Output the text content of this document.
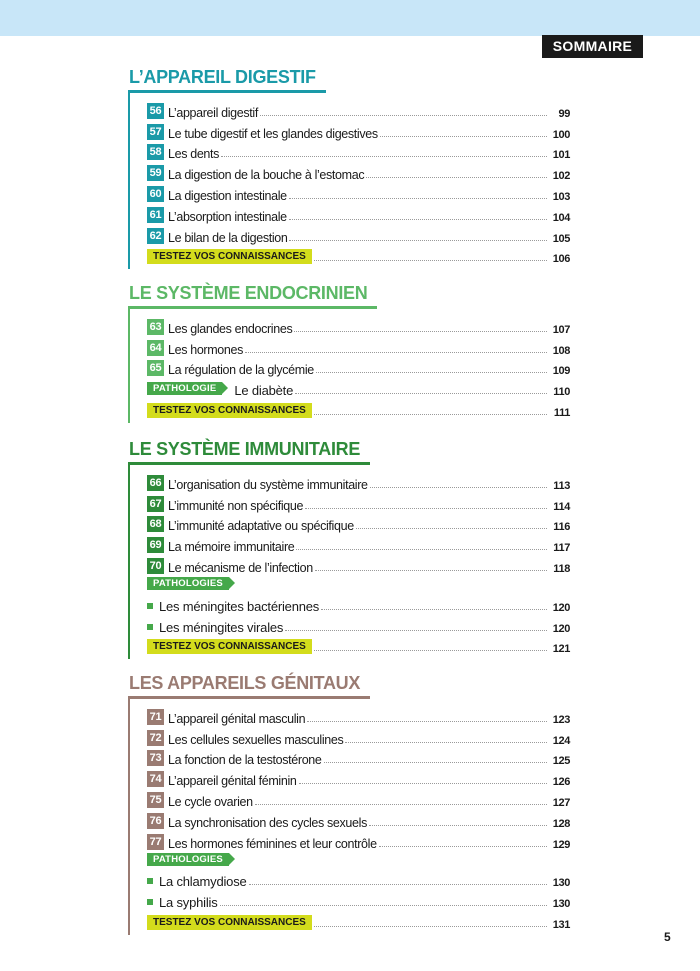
SOMMAIRE
L’APPAREIL DIGESTIF
56 L’appareil digestif	99
57 Le tube digestif et les glandes digestives	100
58 Les dents	101
59 La digestion de la bouche à l’estomac	102
60 La digestion intestinale	103
61 L’absorption intestinale	104
62 Le bilan de la digestion	105
TESTEZ VOS CONNAISSANCES	106
LE SYSTÈME ENDOCRINIEN
63 Les glandes endocrines	107
64 Les hormones	108
65 La régulation de la glycémie	109
PATHOLOGIE	Le diabète	110
TESTEZ VOS CONNAISSANCES	111
LE SYSTÈME IMMUNITAIRE
66 L’organisation du système immunitaire	113
67 L’immunité non spécifique	114
68 L’immunité adaptative ou spécifique	116
69 La mémoire immunitaire	117
70 Le mécanisme de l’infection	118
PATHOLOGIES
Les méningites bactériennes	120
Les méningites virales	120
TESTEZ VOS CONNAISSANCES	121
LES APPAREILS GÉNITAUX
71 L’appareil génital masculin	123
72 Les cellules sexuelles masculines	124
73 La fonction de la testostérone	125
74 L’appareil génital féminin	126
75 Le cycle ovarien	127
76 La synchronisation des cycles sexuels	128
77 Les hormones féminines et leur contrôle	129
PATHOLOGIES
La chlamydiose	130
La syphilis	130
TESTEZ VOS CONNAISSANCES	131
5
